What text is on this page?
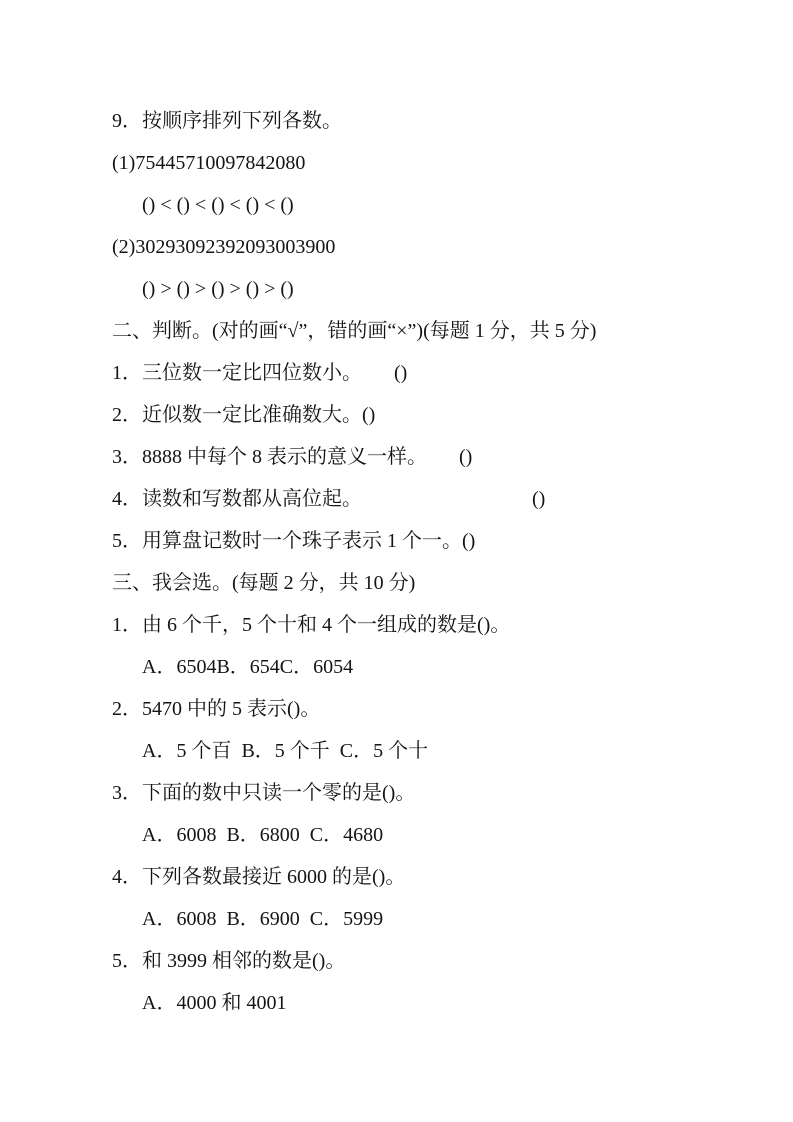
9．按顺序排列下列各数。
(1)75445710097842080
() < () < () < () < ()
(2)30293092392093003900
() > () > () > () > ()
二、判断。(对的画“√”，错的画“×”)(每题 1 分，共 5 分)
1．三位数一定比四位数小。 ()
2．近似数一定比准确数大。()
3．8888 中每个 8 表示的意义一样。 ()
4．读数和写数都从高位起。	()
5．用算盘记数时一个珠子表示 1 个一。()
三、我会选。(每题 2 分，共 10 分)
1．由 6 个千，5 个十和 4 个一组成的数是()。
A．6504B．654C．6054
2．5470 中的 5 表示()。
A．5 个百  B．5 个千  C．5 个十
3．下面的数中只读一个零的是()。
A．6008  B．6800  C．4680
4．下列各数最接近 6000 的是()。
A．6008  B．6900  C．5999
5．和 3999 相邻的数是()。
A．4000 和 4001
